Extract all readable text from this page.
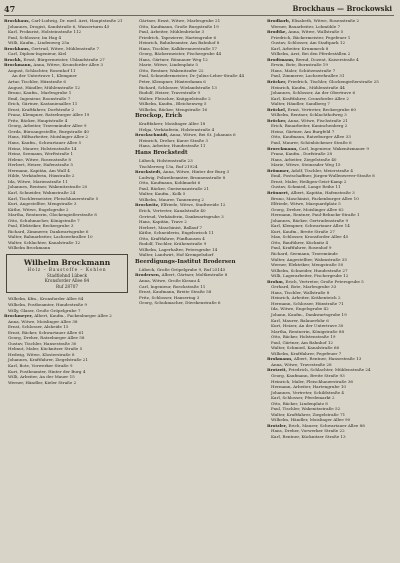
47	Brockhaus — Brockowski
Brockhaus, Carl-Ludwig, Dr. med. Arzt, Hauptstraße 21
Johannes, Drogist, Sandstraße 6, Wasserturm 45
Karl, Prokurist, Holsteinstraße 112
Paul, Schlosser, Im Hag 4
Willi, Kaufm., Lindenweg 25a
Brockhaus, Gertrud, Witwe, Mühlenstraße 7
Carl, Diplom-Ingenieur, Kiel
Brockh, Ernst, Bürgermeister, Uhlandstraße 27
Brockmann, Anna, Witwe, Kronsforder Allee 3
August, Schlachter, Rosenhof 11
An der Untertrave 1, Klempner
Artur, Tischler, Hüxstraße 6
August, Händler, Mühlenstraße 12
Bruno, Kaufm., Marlesgrube 1
Emil, Ingenieur, Roonstraße 7
Erich, Gärtner, Kastanienallee 11
Ernst, Kraftfahrer, Dorfstraße 2
Franz, Klempner, Ratzeburger Allee 19
Fritz, Bäcker, Hauptstraße 4
Georg, Arbeiter, Travemünder Allee 9
Gerda, Büroangestellte, Burgstraße 40
Hans, Hilfsarbeiter, Moislinger Allee 2
Hans, Kaufm., Schwartauer Allee 5
Heinz, Maurer, Holstenstraße 14
Heinz, Seemann, Werftstraße 1
Helene, Witwe, Rosenstraße 8
Herbert, Heizer, Hafenstraße 5
Hermann, Kapitän, Am Wall 4
Hilde, Verkäuferin, Hüxstraße 2
Ida, Witwe, Marienstraße 11
Johannes, Rentner, Wakenitzstraße 20
Karl, Schneider, Wahmstraße 24
Karl, Tischlermeister, Fleischhauerstraße 5
Kurt, Angestellter, Mengstraße 3
Käthe, Witwe, Engelsgrube 2
Martha, Rentnerin, Glockengießerstraße 8
Otto, Schuhmacher, Königstraße 7
Paul, Elektriker, Beckergrube 3
Richard, Zimmerer, Dankwartsgrube 6
Walter, Bahnarbeiter, Lachswehrallee 10
Walter, Schlachter, Kanalstraße 12
Wilhelm Brockmann
Wilhelm Brockmann
Holz – Baustoffe – Kohlen
Stadtlohnd Lübeck
Kronsforder Allee 84
Ruf 28707
Wilhelm, Kfm., Kronsforder Allee 84
Wilhelm, Postbeamter, Hundestraße 9
Willy, Glaser, Große Gröpelgrube 7
Brockmeyer, Albert, Kaufm., Fackenburger Allee 2
Anna, Witwe, Moislinger Allee 38
Ernst, Schlosser, Alsheide 15
Ernst, Bäcker, Schwartauer Allee 61
Georg, Dreher, Ratzeburger Allee 58
Gustav, Tischler, Hansestraße 30
Helmut, Maler, Kücknitzer Straße 5
Hedwig, Witwe, Klosterstraße 8
Johannes, Kraftfahrer, Ziegelstraße 21
Karl, Bote, Vorwerker Straße 9
Kurt, Postbeamter, Hinter der Burg 4
Willi, Arbeiter, An der Mauer 15
Werner, Händler, Kieler Straße 2
Gärtner, Ernst, Witwe, Marlesgrube 21
Otto, Kaufmann, Große Burgstraße 19
Paul, Arbeiter, Mühlenbrücke 3
Friedrich, Tapezierer, Hartengrube 6
Heinrich, Bahnbeamter, Am Bahnhof 8
Hans, Tischler, Kalkbrennerstraße 17
Georg, Bäckermeister, Fischergrube 44
Hans, Gärtner, Rönnauer Weg 12
Marie, Witwe, Lindenplatz 5
Otto, Rentner, Wakenitzufer 22
Paul, Schneidermeister, Dr.-Julius-Leber-Straße 44
Peter, Klempner, Hüxterdamm 6
Richard, Schlosser, Wielandstraße 13
Rudolf, Heizer, Travestraße 9
Walter, Fleischer, Knüppelstraße 2
Wilhelm, Kaufm., Bleichenweg 5
Wilhelm, Bäcker, Mengstraße 16
Brockop, Erich
Kraftfahrer, Moislinger Allee 18
Helga, Verkäuferin, Holstenstraße 4
Brockschmidt, Anna, Witwe, Bei St. Johannis 6
Heinrich, Dreher, Kurze Straße 3
Hans, Arbeiter, Hundestraße 11
Hans Brockstedt
Lübeck, Holstenstraße 23
Tischlerweg 13a, Ruf 21924
Brockstedt, Anna, Witwe, Hinter der Burg 3
Ludwig, Polizeibeamter, Brunnenstraße 8
Otto, Kaufmann, Kohlmarkt 6
Paul, Bäcker, Gneisenaustraße 21
Walter, Kaufm., Kolk 5
Wilhelm, Maurer, Tannenweg 2
Brockwitz, Elfriede, Witwe, Stadtweide 12
Erich, Vertreter, Kanalstraße 40
Gertrud, Verkäuferin, Dankwartsgrube 3
Hans, Kapitän, Trave 2
Herbert, Maschinist, Ballauf 7
Käthe, Schneiderin, Engelswisch 11
Otto, Kraftfahrer, Fünfhausen 4
Rudolf, Tischler, Krähenstraße 9
Wilhelm, Lagerhalter, Petersgrube 14
Walter, Landwirt, Hof Krempelsdorf
Beerdigungs-Institut Brodersen
Lübeck, Große Gröpelgrube 9, Ruf 25145
Brodersen, Albert, Gärtner, Moltkestraße 8
Anna, Witwe, Große Kiesau 4
Carl, Ingenieur, Roeckstraße 11
Ernst, Kaufmann, Breite Straße 58
Fritz, Schlosser, Hansering 3
Georg, Schuhmacher, Düvekenstraße 6
Brodkorb, Elisabeth, Witwe, Rosenstraße 2
Werner, Bauarbeiter, Lohmühle 7
Brodtke, Anna, Witwe, Wallstraße 5
Friedrich, Bäckermeister, Fegefeuer 1
Gustav, Schlosser, Am Stadtpark 12
Karl, Arbeiter, Krummeck 8
Wilhelm, Arzt, Bei den Pferdeställen 2
Brodtmann, Bernd, Dozent, Kaiserstraße 4
Erwin, Bote, Bornstraße 19
Hans, Maler, Schützenstraße 7
Paul, Zimmerer, Lachswehrallee 31
Bröcker, Friedrich, Tischler, Glockengießerstraße 25
Heinrich, Kaufm., Mühlenstraße 44
Johannes, Schlosser, An der Obertrave 6
Karl, Kraftfahrer, Cronsforder Allee 2
Walter, Händler, Sandberg 7
Bröckel, Ernst, Vertreter, Beckergrube 60
Wilhelm, Rentner, Schlachthofweg 3
Bröcker, Anna, Witwe, Fischstraße 21
Erich, Bauarbeiter, Kaninchenberg 2
Heinz, Gärtner, Am Burgfeld 7
Otto, Kaufmann, Ratzeburger Allee 33
Paul, Maurer, Schönböckener Straße 6
Broeckmann, Carl, Ingenieur, Wakenitzmauer 9
Franz, Kaufm., Dorfstraße 28
Hans, Arbeiter, Ziegelstraße 40
Marie, Witwe, Steinrader Weg 15
Brömmer, Adolf, Tischler, Meierstraße 4
Emil, Postschaffner, Jürgen-Wullenwever-Straße 8
Ernst, Maler, Heiligen-Geist-Kamp 2
Gustav, Schmied, Lange Reihe 11
Brönnert, Albert, Kapitän, Hafenstraße 3
Bruno, Maschinist, Fackenburger Allee 10
Elfriede, Witwe, Marquardplatz 5
Georg, Dreher, Moislinger Allee 62
Hermann, Rentner, Paul-Behncke-Straße 1
Johannes, Bäcker, Gertrudenstraße 9
Karl, Klempner, Schwartauer Allee 14
Kurt, Kaufm., Breite Straße 27
Max, Schlosser, Kronsforder Allee 45
Otto, Bauführer, Kücknitz 4
Paul, Kraftfahrer, Rosenhof 9
Richard, Seemann, Travemünde
Walter, Angestellter, Wahmstraße 35
Werner, Elektriker, Mengstraße 50
Wilhelm, Schneider, Hundestraße 27
Willi, Lagerarbeiter, Fischergrube 12
Brohm, Erich, Vertreter, Große Petersgrube 5
Gerhard, Bote, Marlesgrube 33
Hans, Tischler, Wallstraße 8
Heinrich, Arbeiter, Krähenteich 2
Hermann, Schlosser, Hüxstraße 71
Ida, Witwe, Engelsgrube 42
Johann, Kaufm., Dankwartsgrube 19
Karl, Maurer, Balauerfohr 6
Kurt, Heizer, An der Untertrave 30
Martha, Rentnerin, Königstraße 88
Otto, Bäcker, Holstenstraße 19
Paul, Gärtner, Am Bahnhof 12
Walter, Schmied, Kanalstraße 66
Wilhelm, Kraftfahrer, Fegefeuer 7
Brokmann, Albert, Rentner, Hansestraße 13
Anna, Witwe, Travestraße 28
Brotzeit, Friedrich, Schlachter, Mühlenstraße 24
Georg, Kaufmann, Breite Straße 93
Heinrich, Maler, Fleischhauerstraße 36
Hermann, Arbeiter, Hartengrube 10
Johannes, Vertreter, Schildstraße 4
Karl, Schlosser, Pferdemarkt 2
Otto, Bäcker, Lindenplatz 8
Paul, Tischler, Wakenitzstraße 52
Walter, Kraftfahrer, Ziegelstraße 71
Wilhelm, Händler, Moislinger Allee 90
Brotzler, Erich, Maurer, Schwartauer Allee 88
Hans, Dreher, Vorwerker Straße 22
Karl, Rentner, Kücknitzer Straße 13
